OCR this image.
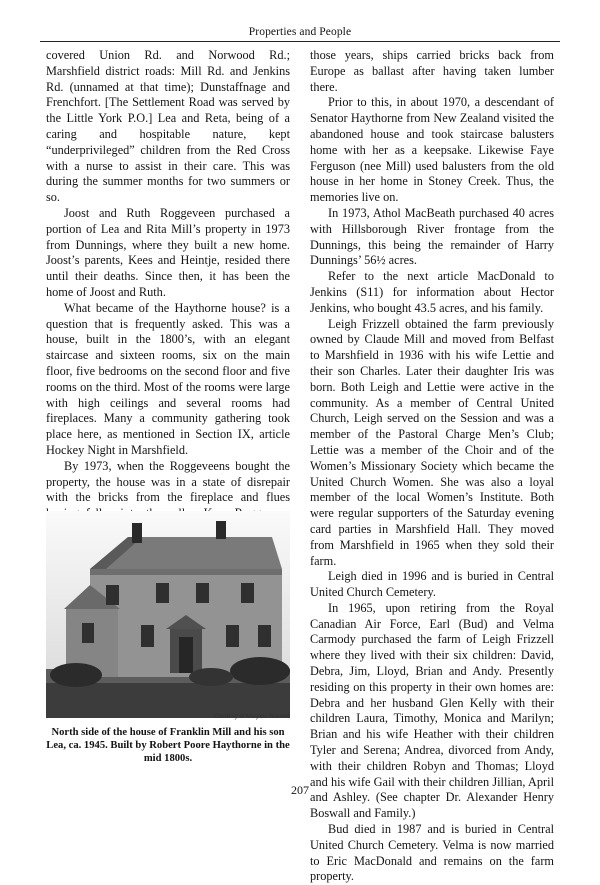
Properties and People

covered Union Rd. and Norwood Rd.; Marshfield district roads: Mill Rd. and Jenkins Rd. (unnamed at that time); Dunstaffnage and Frenchfort. [The Settlement Road was served by the Little York P.O.] Lea and Reta, being of a caring and hospitable nature, kept “underprivileged” children from the Red Cross with a nurse to assist in their care. This was during the summer months for two summers or so.

Joost and Ruth Roggeveen purchased a portion of Lea and Rita Mill’s property in 1973 from Dunnings, where they built a new home. Joost’s parents, Kees and Heintje, resided there until their deaths. Since then, it has been the home of Joost and Ruth.

What became of the Haythorne house? is a question that is frequently asked. This was a house, built in the 1800’s, with an elegant staircase and sixteen rooms, six on the main floor, five bedrooms on the second floor and five rooms on the third. Most of the rooms were large with high ceilings and several rooms had fireplaces. Many a community gathering took place here, as mentioned in Section IX, article Hockey Night in Marshfield.

By 1973, when the Roggeveens bought the property, the house was in a state of disrepair with the bricks from the fireplace and flues

Courtesy of Marjorie Boswell
North side of the house of Franklin Mill and his son Lea, ca. 1945. Built by Robert Poore Haythorne in the mid 1800s.

those years, ships carried bricks back from Europe as ballast after having taken lumber there.

Prior to this, in about 1970, a descendant of Senator Haythorne from New Zealand visited the abandoned house and took staircase balusters home with her as a keepsake. Likewise Faye Ferguson (nee Mill) used balusters from the old house in her home in Stoney Creek. Thus, the memories live on.

In 1973, Athol MacBeath purchased 40 acres with Hillsborough River frontage from the Dunnings, this being the remainder of Harry Dunnings’ 56½ acres.

Refer to the next article MacDonald to Jenkins (S11) for information about Hector Jenkins, who bought 43.5 acres, and his family.

Leigh Frizzell obtained the farm previously owned by Claude Mill and moved from Belfast to Marshfield in 1936 with his wife Lettie and their son Charles. Later their daughter Iris was born. Both Leigh and Lettie were active in the community. As a member of Central United Church, Leigh served on the Session and was a member of the Pastoral Charge Men’s Club; Lettie was a member of the Choir and of the Women’s Missionary Society which became the United Church Women. She was also a loyal member of the local Women’s Institute. Both were regular supporters of the Saturday evening card parties in Marshfield Hall. They moved from Marshfield in 1965 when they sold their farm.

Leigh died in 1996 and is buried in Central United Church Cemetery.

In 1965, upon retiring from the Royal Canadian Air Force, Earl (Bud) and Velma Carmody purchased the farm of Leigh Frizzell where they lived with their six children: David, Debra, Jim, Lloyd, Brian and Andy. Presently residing on this property in their own homes are: Debra and her husband Glen Kelly with their children Laura, Timothy, Monica and Marilyn; Brian and his wife Heather with their children Tyler and Serena; Andrea, divorced from Andy, with their children Robyn and Thomas; Lloyd and his wife Gail with their children Jillian, April and Ashley. (See chapter Dr. Alexander Henry Boswall and Family.)

Bud died in 1987 and is buried in Central United Church Cemetery. Velma is now married to Eric MacDonald and remains on the farm property.

207
